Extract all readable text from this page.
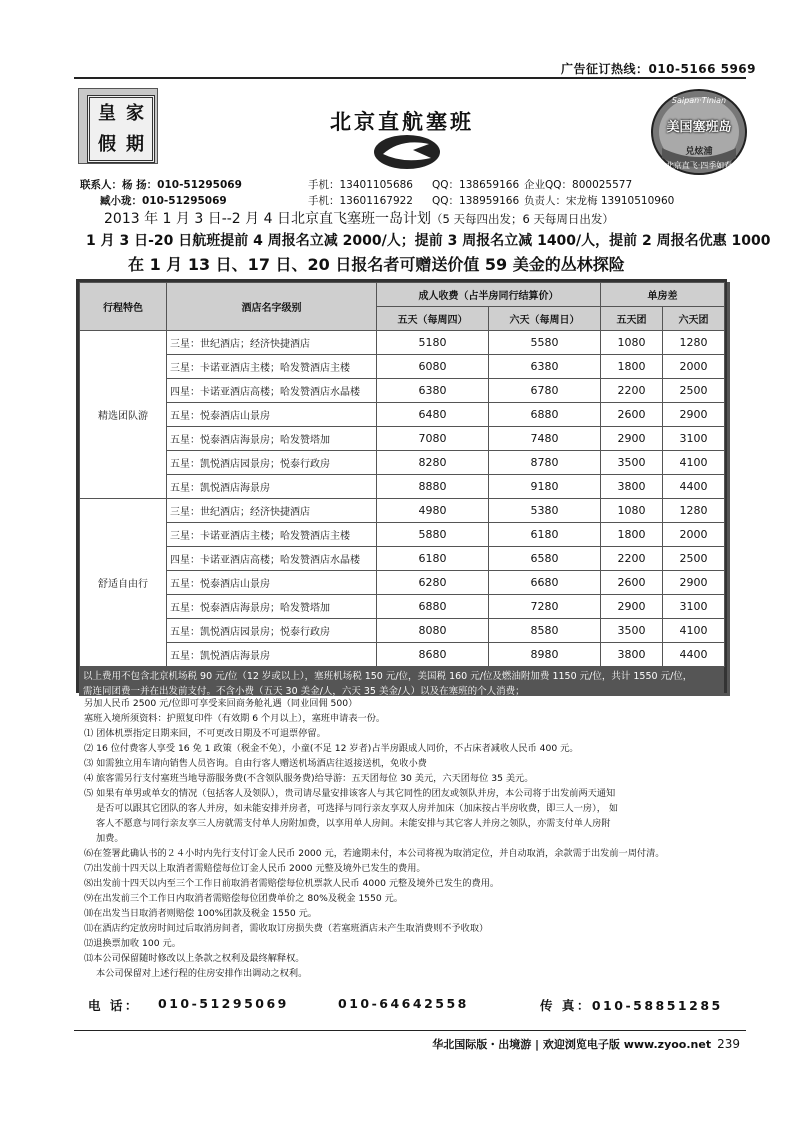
广告征订热线：010-5166 5969
皇 家
假 期
北京直航塞班	美国塞班岛
兑炫浦
Saipan·Tinian
北京直飞·四季如春
联系人：杨 扬：010-51295069	手机：13401105686 QQ：138659166 企业QQ：800025577
臧小珑：010-51295069	手机：13601167922 QQ：138959166 负责人：宋龙梅 13910510960
2013 年 1 月 3 日--2 月 4 日北京直飞塞班一岛计划（5 天每四出发；6 天每周日出发）
1 月 3 日-20 日航班提前 4 周报名立减 2000/人；提前 3 周报名立减 1400/人，提前 2 周报名优惠 1000
在 1 月 13 日、17 日、20 日报名者可赠送价值 59 美金的丛林探险
行程特色	酒店名字级别	成人收费（占半房同行结算价）		单房差	
		五天（每周四）	六天（每周日）	五天团	六天团
精选团队游	三星：世纪酒店；经济快捷酒店	5180	5580	1080	1280
	三星：卡诺亚酒店主楼；哈发赞酒店主楼	6080	6380	1800	2000
	四星：卡诺亚酒店高楼；哈发赞酒店水晶楼	6380	6780	2200	2500
	五星：悦泰酒店山景房	6480	6880	2600	2900
	五星：悦泰酒店海景房；哈发赞塔加	7080	7480	2900	3100
	五星：凯悦酒店园景房；悦泰行政房	8280	8780	3500	4100
	五星：凯悦酒店海景房	8880	9180	3800	4400
舒适自由行	三星：世纪酒店；经济快捷酒店	4980	5380	1080	1280
	三星：卡诺亚酒店主楼；哈发赞酒店主楼	5880	6180	1800	2000
	四星：卡诺亚酒店高楼；哈发赞酒店水晶楼	6180	6580	2200	2500
	五星：悦泰酒店山景房	6280	6680	2600	2900
	五星：悦泰酒店海景房；哈发赞塔加	6880	7280	2900	3100
	五星：凯悦酒店园景房；悦泰行政房	8080	8580	3500	4100
	五星：凯悦酒店海景房	8680	8980	3800	4400
以上费用不包含北京机场税 90 元/位（12 岁或以上），塞班机场税 150 元/位，美国税 160 元/位及燃油附加费 1150 元/位，共计 1550 元/位，
需连同团费一并在出发前支付。不含小费（五天 30 美金/人，六天 35 美金/人）以及在塞班的个人消费；
另加人民币 2500 元/位即可享受来回商务舱礼遇（同业回佣 500）
塞班入境所须资料：护照复印件（有效期 6 个月以上），塞班申请表一份。
⑴ 团体机票指定日期来回，不可更改日期及不可退票停留。
⑵ 16 位付费客人享受 16 免 1 政策（税金不免），小童(不足 12 岁者)占半房跟成人同价，不占床者减收人民币 400 元。
⑶ 如需独立用车请向销售人员咨询。自由行客人赠送机场酒店往返接送机，免收小费
⑷ 旅客需另行支付塞班当地导游服务费(不含领队服务费)给导游：五天团每位 30 美元，六天团每位 35 美元。
⑸ 如果有单男或单女的情况（包括客人及领队），贵司请尽量安排该客人与其它同性的团友或领队并房，本公司将于出发前两天通知
是否可以跟其它团队的客人并房，如未能安排并房者，可选择与同行亲友享双人房并加床（加床按占半房收费，即三人一房）， 如
客人不愿意与同行亲友享三人房就需支付单人房附加费，以享用单人房间。未能安排与其它客人并房之领队，亦需支付单人房附
加费。
⑹在签署此确认书的２４小时内先行支付订金人民币 2000 元，若逾期未付，本公司将视为取消定位，并自动取消，余款需于出发前一周付清。
⑺出发前十四天以上取消者需赔偿每位订金人民币 2000 元整及境外已发生的费用。
⑻出发前十四天以内至三个工作日前取消者需赔偿每位机票款人民币 4000 元整及境外已发生的费用。
⑼在出发前三个工作日内取消者需赔偿每位团费单价之 80%及税金 1550 元。
⑽在出发当日取消者则赔偿 100%团款及税金 1550 元。
⑾在酒店约定放房时间过后取消房间者，需收取订房损失费（若塞班酒店未产生取消费则不予收取）
⑿退换票加收 100 元。
⒀本公司保留随时修改以上条款之权利及最终解释权。
本公司保留对上述行程的住房安排作出调动之权利。
电 话： 010-51295069	010-64642558	传 真：010-58851285
华北国际版・出境游 | 欢迎浏览电子版 www.zyoo.net 239
